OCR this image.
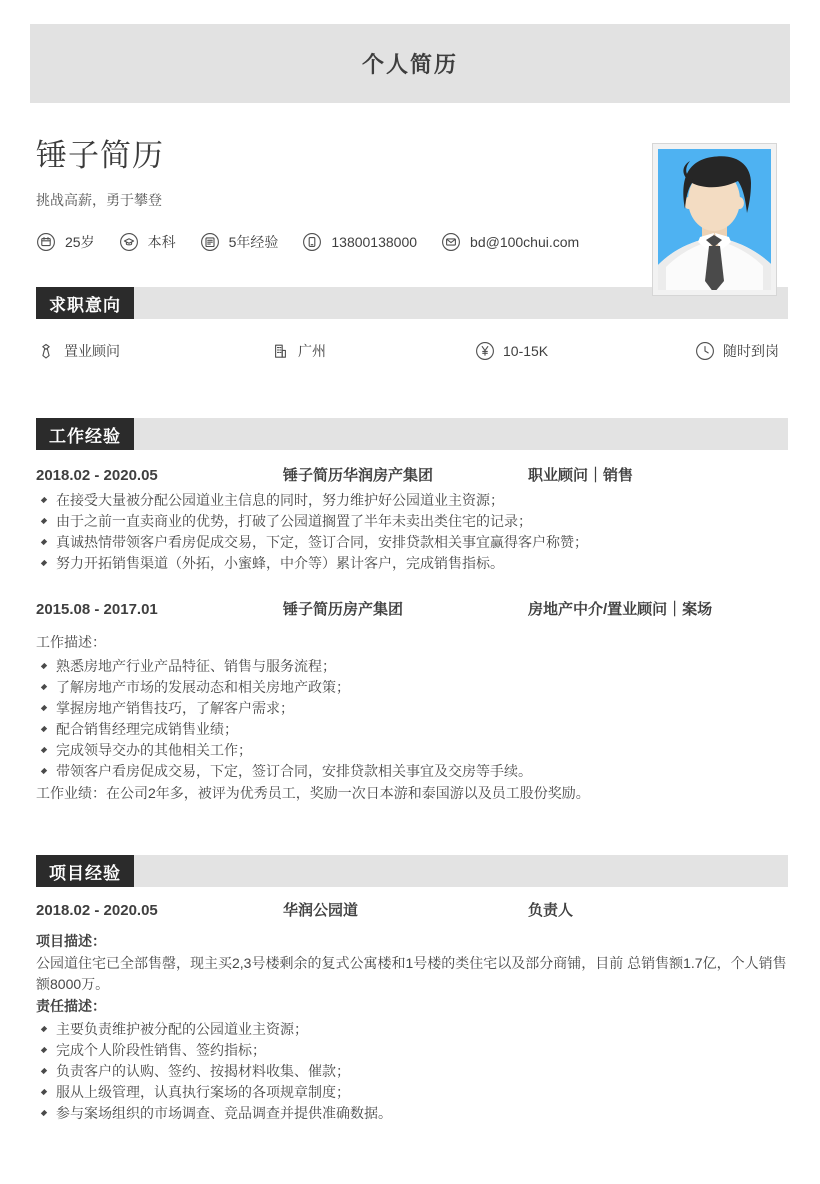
个人简历
锤子简历
挑战高薪，勇于攀登
25岁	本科	5年经验	13800138000	bd@100chui.com
求职意向
置业顾问	广州	10-15K	随时到岗
工作经验
2018.02 - 2020.05	锤子简历华润房产集团	职业顾问｜销售
在接受大量被分配公园道业主信息的同时，努力维护好公园道业主资源；
由于之前一直卖商业的优势，打破了公园道搁置了半年未卖出类住宅的记录；
真诚热情带领客户看房促成交易，下定，签订合同，安排贷款相关事宜赢得客户称赞；
努力开拓销售渠道（外拓，小蜜蜂，中介等）累计客户，完成销售指标。
2015.08 - 2017.01	锤子简历房产集团	房地产中介/置业顾问｜案场
工作描述：
熟悉房地产行业产品特征、销售与服务流程；
了解房地产市场的发展动态和相关房地产政策；
掌握房地产销售技巧，了解客户需求；
配合销售经理完成销售业绩；
完成领导交办的其他相关工作；
带领客户看房促成交易，下定，签订合同，安排贷款相关事宜及交房等手续。
工作业绩：在公司2年多，被评为优秀员工，奖励一次日本游和泰国游以及员工股份奖励。
项目经验
2018.02 - 2020.05	华润公园道	负责人
项目描述：
公园道住宅已全部售罄，现主买2,3号楼剩余的复式公寓楼和1号楼的类住宅以及部分商铺，目前 总销售额1.7亿，个人销售额8000万。
责任描述：
主要负责维护被分配的公园道业主资源；
完成个人阶段性销售、签约指标；
负责客户的认购、签约、按揭材料收集、催款；
服从上级管理，认真执行案场的各项规章制度；
参与案场组织的市场调查、竞品调查并提供准确数据。
